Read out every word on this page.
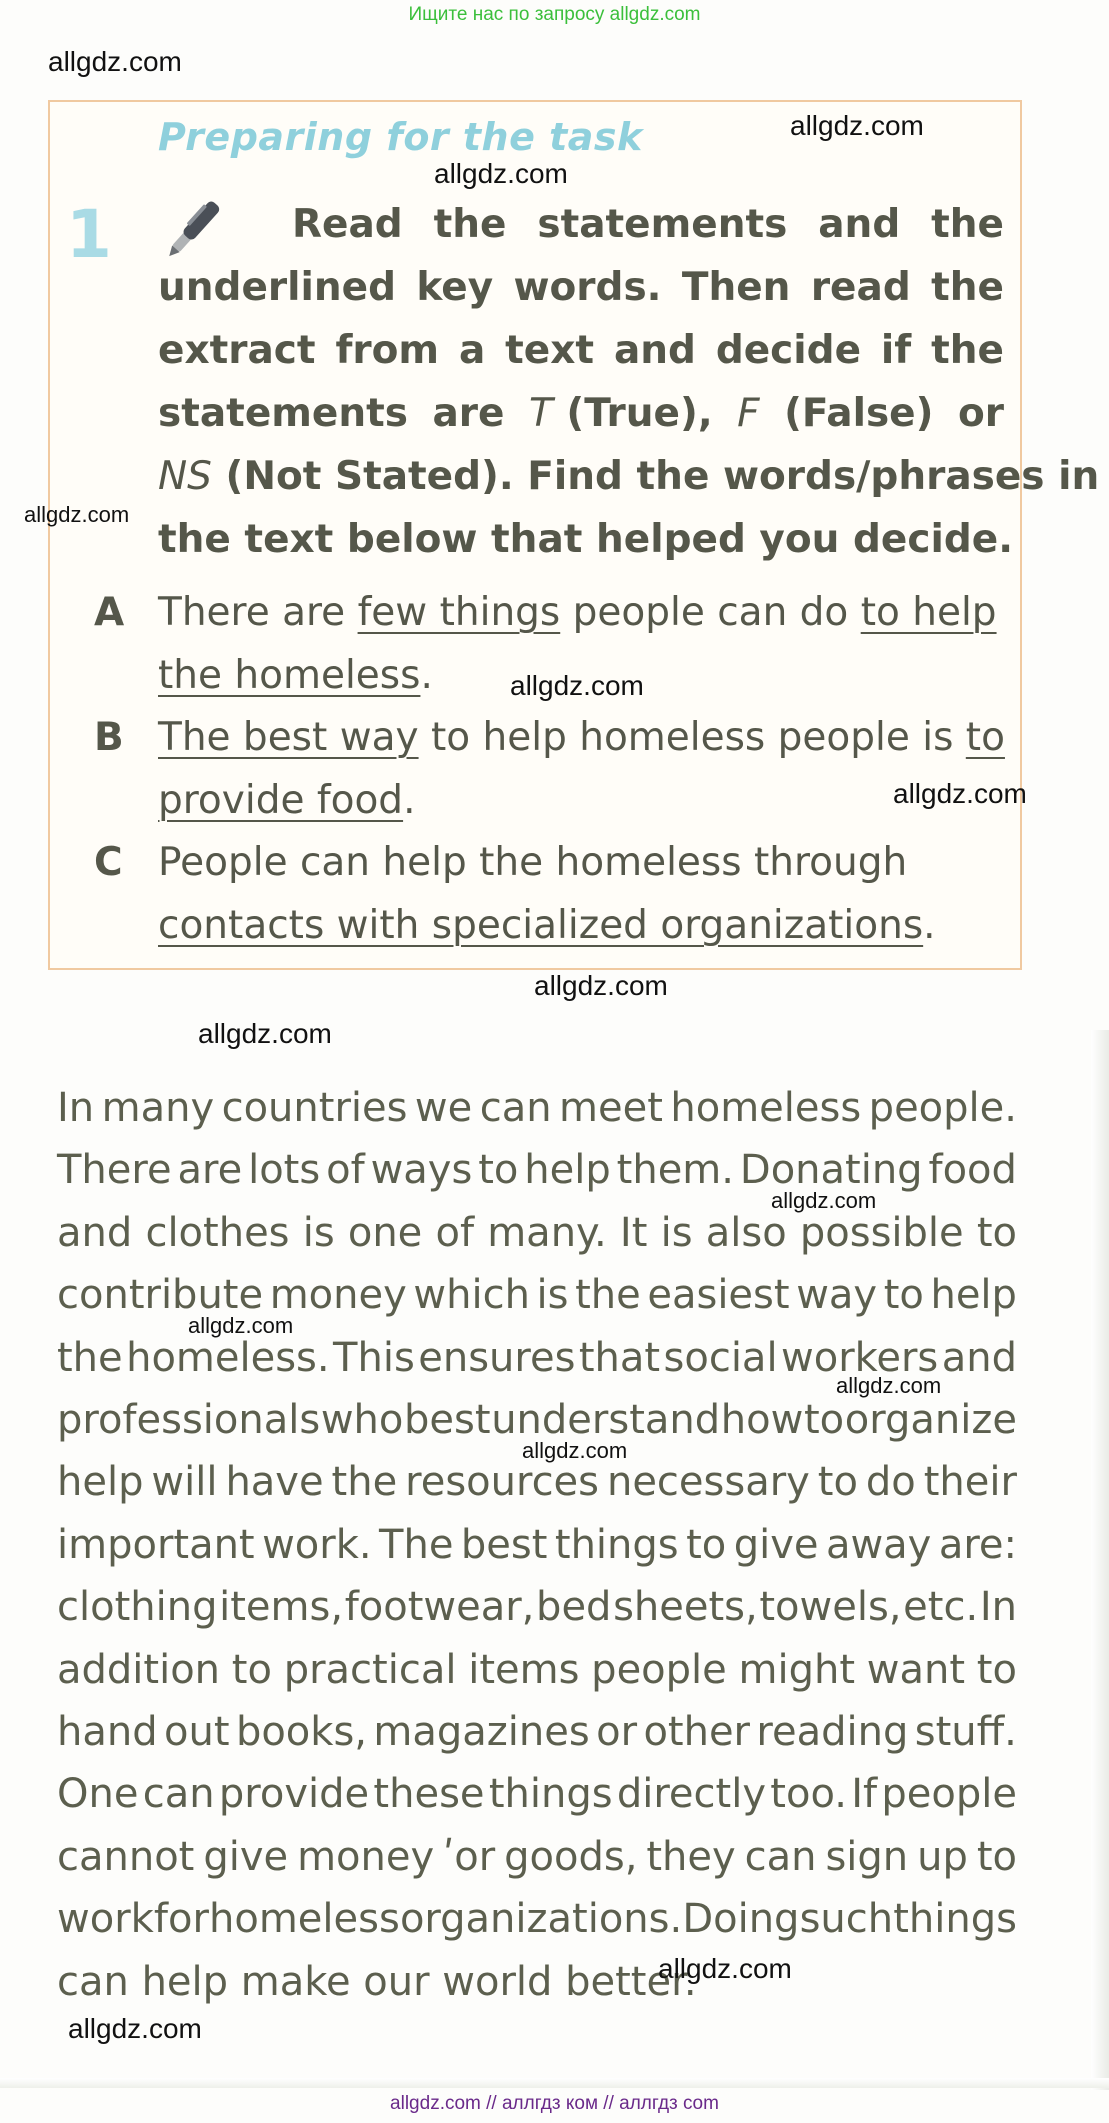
Ищите нас по запросу allgdz.com
Preparing for the task
1	Read the statements and the
underlined key words. Then read the
extract from a text and decide if the
statements are T (True), F (False) or
NS (Not Stated). Find the words/phrases in
the text below that helped you decide.
A There are few things people can do to help
the homeless.
B The best way to help homeless people is to
provide food.
C People can help the homeless through
contacts with specialized organizations.
In many countries we can meet homeless people.
There are lots of ways to help them. Donating food
and clothes is one of many. It is also possible to
contribute money which is the easiest way to help
the homeless. This ensures that social workers and
professionals who best understand how to organize
help will have the resources necessary to do their
important work. The best things to give away are:
clothing items, footwear, bed sheets, towels, etc. In
addition to practical items people might want to
hand out books, magazines or other reading stuff.
One can provide these things directly too. If people
cannot give money ʹor goods, they can sign up to
work for homeless organizations. Doing such things
can help make our world better.
allgdz.com
allgdz.com
allgdz.com
allgdz.com
allgdz.com
allgdz.com
allgdz.com
allgdz.com
allgdz.com
allgdz.com
allgdz.com
allgdz.com
allgdz.com
allgdz.com
allgdz.com // аллгдз ком // аллгдз com
